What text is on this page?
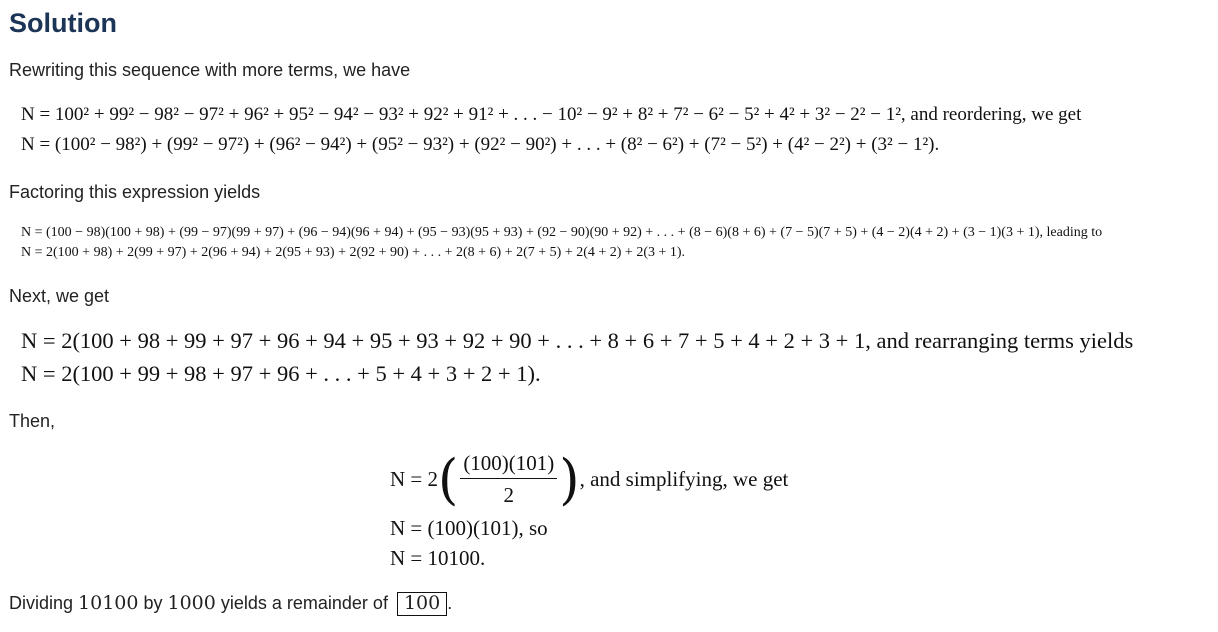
Solution
Rewriting this sequence with more terms, we have
N = 100² + 99² − 98² − 97² + 96² + 95² − 94² − 93² + 92² + 91² + . . . − 10² − 9² + 8² + 7² − 6² − 5² + 4² + 3² − 2² − 1², and reordering, we get
N = (100² − 98²) + (99² − 97²) + (96² − 94²) + (95² − 93²) + (92² − 90²) + . . . + (8² − 6²) + (7² − 5²) + (4² − 2²) + (3² − 1²).
Factoring this expression yields
N = (100 − 98)(100 + 98) + (99 − 97)(99 + 97) + (96 − 94)(96 + 94) + (95 − 93)(95 + 93) + (92 − 90)(90 + 92) + . . . + (8 − 6)(8 + 6) + (7 − 5)(7 + 5) + (4 − 2)(4 + 2) + (3 − 1)(3 + 1), leading to
N = 2(100 + 98) + 2(99 + 97) + 2(96 + 94) + 2(95 + 93) + 2(92 + 90) + . . . + 2(8 + 6) + 2(7 + 5) + 2(4 + 2) + 2(3 + 1).
Next, we get
N = 2(100 + 98 + 99 + 97 + 96 + 94 + 95 + 93 + 92 + 90 + . . . + 8 + 6 + 7 + 5 + 4 + 2 + 3 + 1, and rearranging terms yields
N = 2(100 + 99 + 98 + 97 + 96 + . . . + 5 + 4 + 3 + 2 + 1).
Then,
N = 2 ( $\frac{(100)(101)}{2}$ ) , and simplifying, we get
N = (100)(101), so
N = 10100.
Dividing 10100 by 1000 yields a remainder of 100 .
